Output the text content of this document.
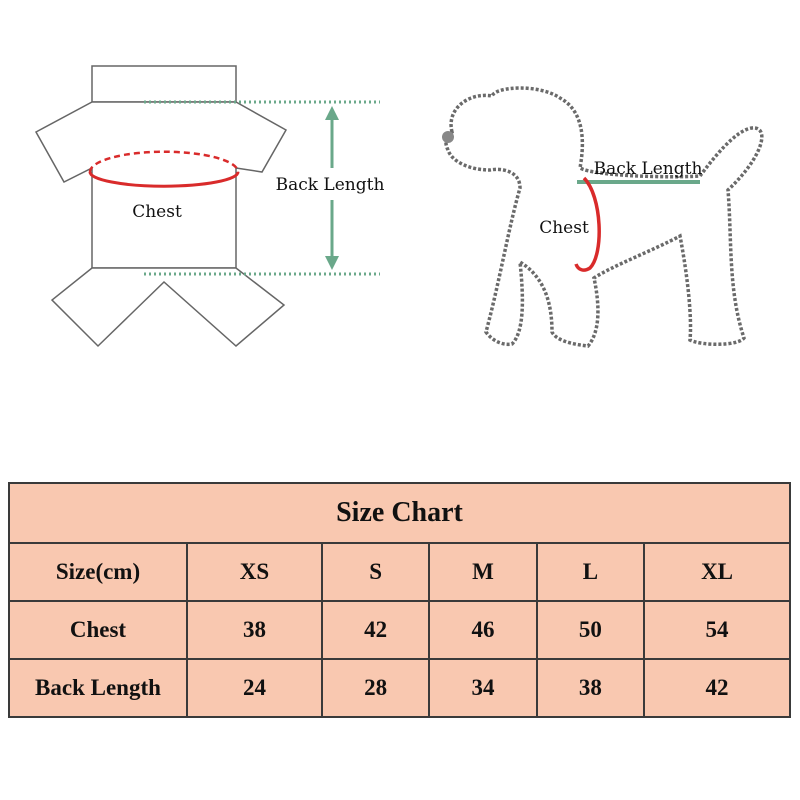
Chest
Back Length
Back Length
Chest
Size Chart					
Size(cm)	XS	S	M	L	XL
Chest	38	42	46	50	54
Back Length	24	28	34	38	42
